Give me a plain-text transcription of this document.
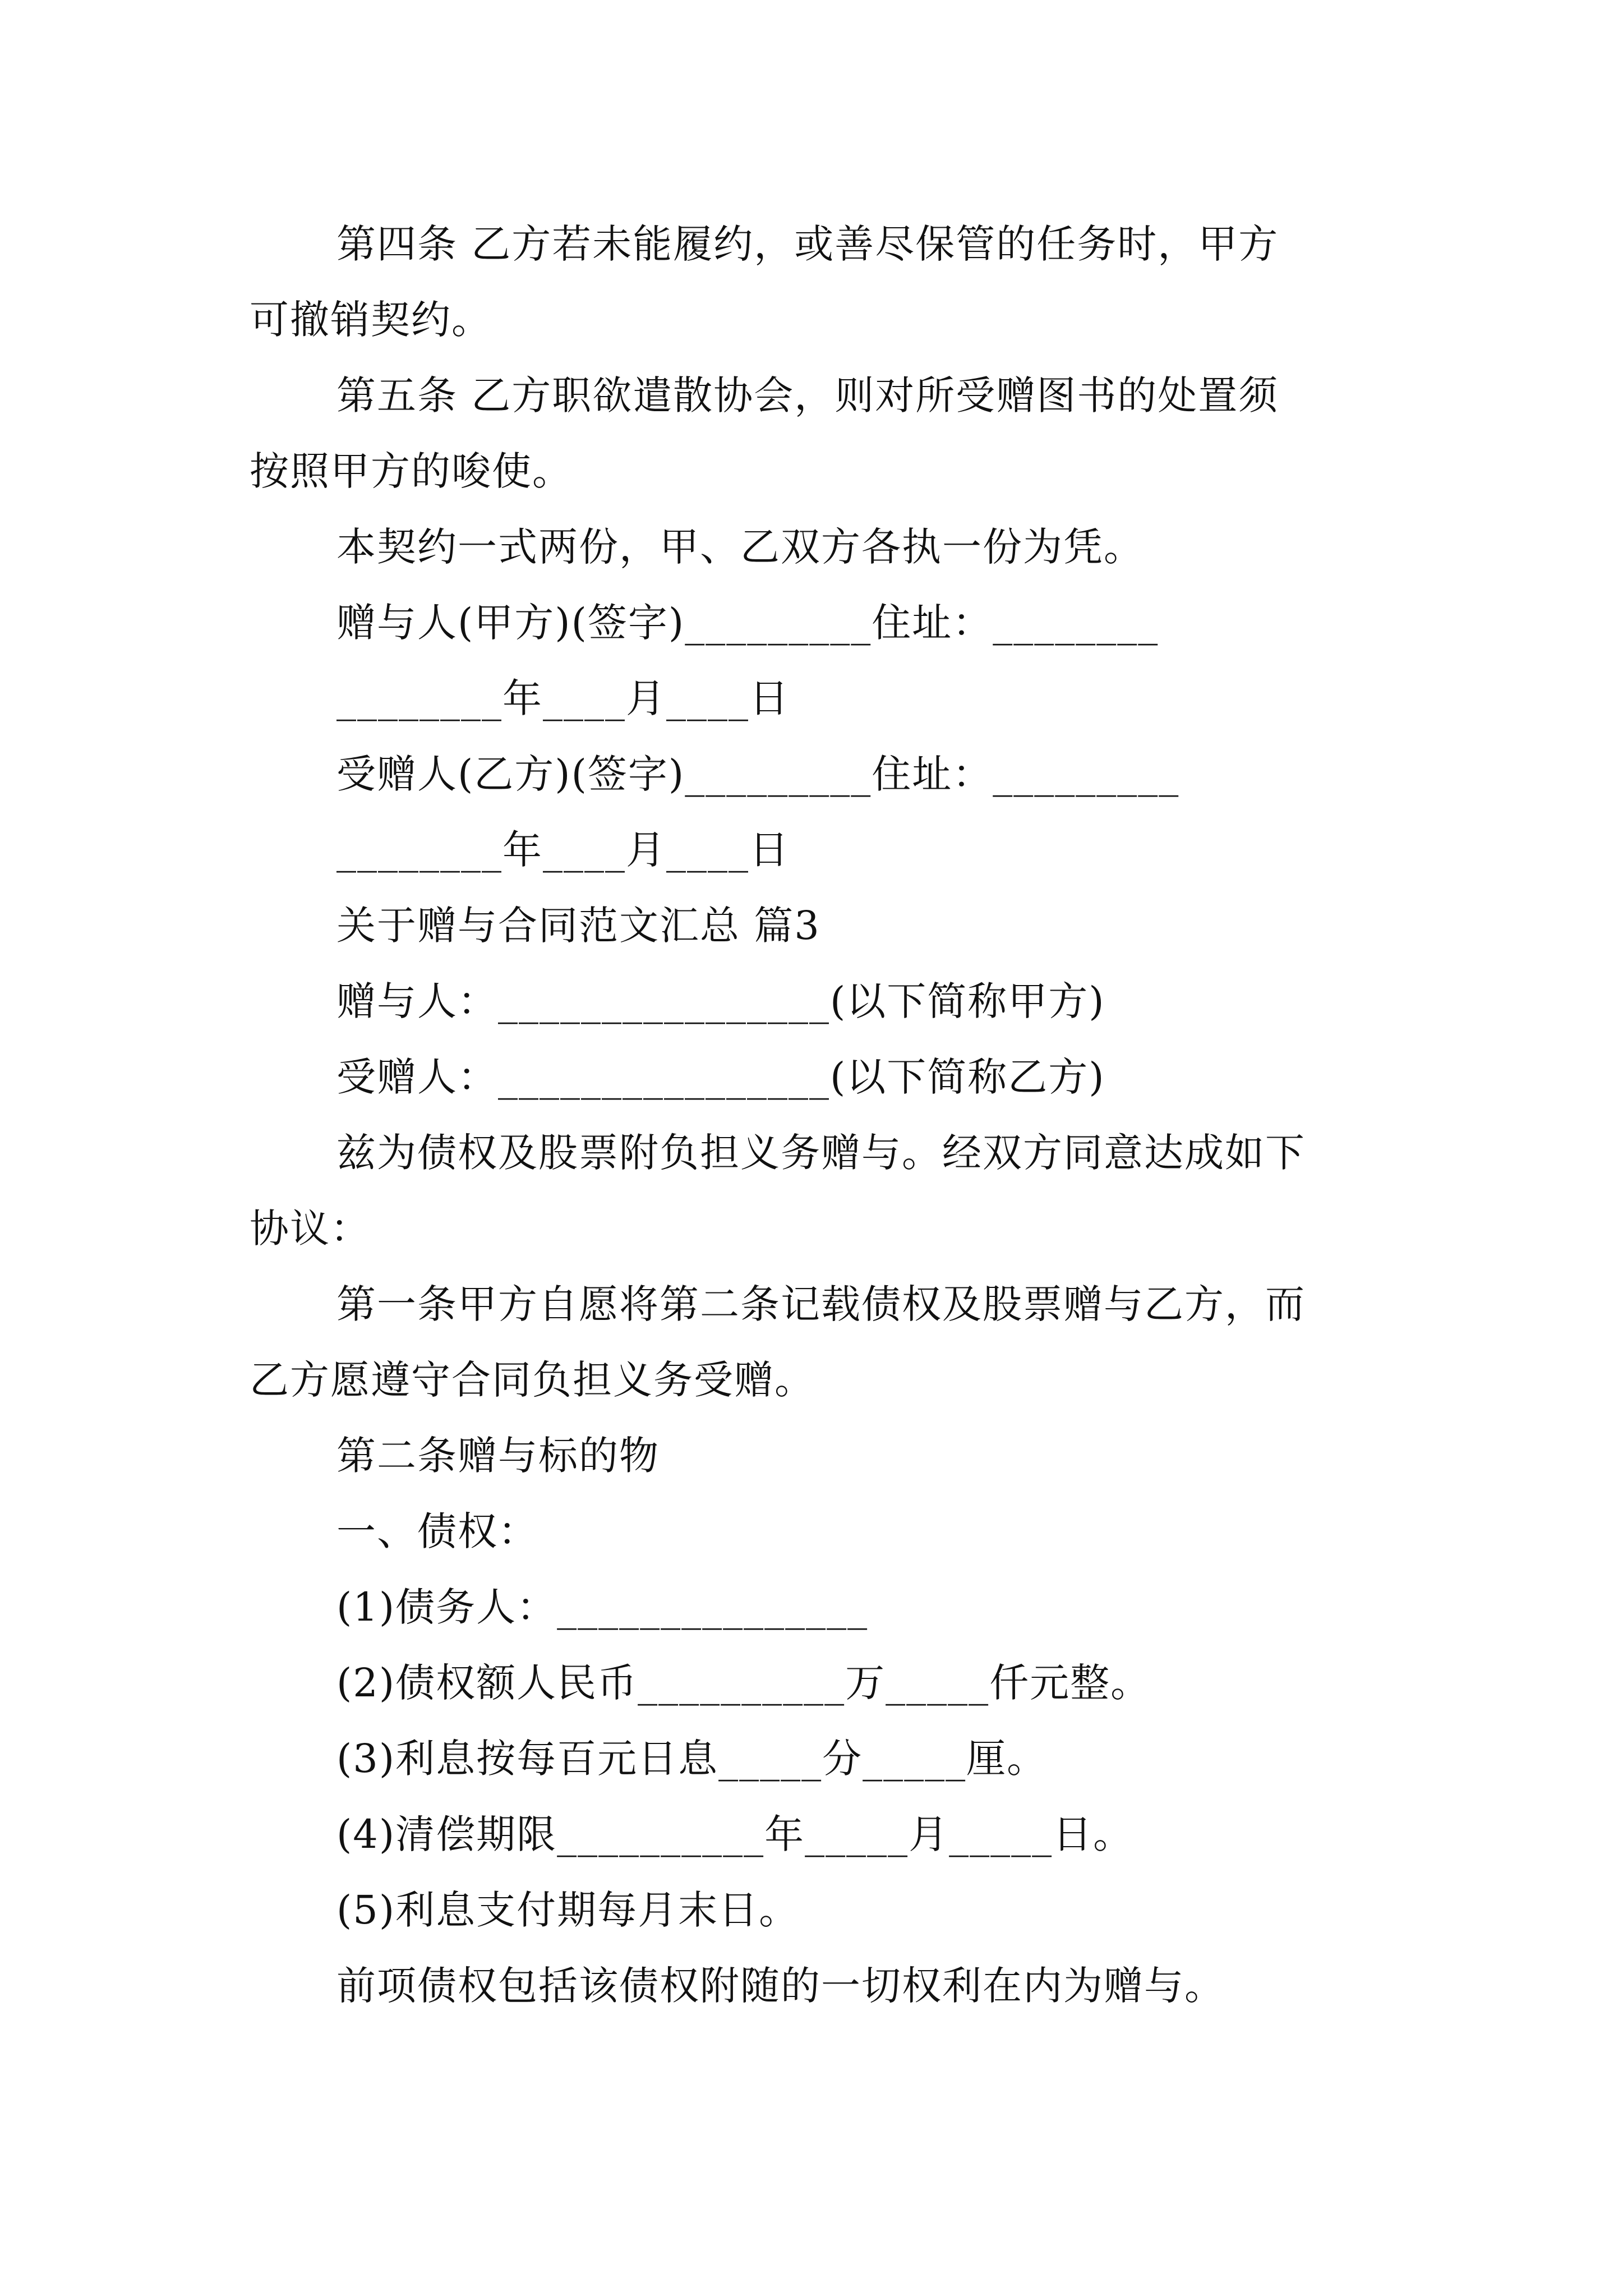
第四条 乙方若未能履约，或善尽保管的任务时，甲方
可撤销契约。
第五条 乙方职欲遣散协会，则对所受赠图书的处置须
按照甲方的唆使。
本契约一式两份，甲、乙双方各执一份为凭。
赠与人(甲方)(签字)_________住址：________
________年____月____日
受赠人(乙方)(签字)_________住址：_________
________年____月____日
关于赠与合同范文汇总 篇3
赠与人：________________(以下简称甲方)
受赠人：________________(以下简称乙方)
兹为债权及股票附负担义务赠与。经双方同意达成如下
协议：
第一条甲方自愿将第二条记载债权及股票赠与乙方，而
乙方愿遵守合同负担义务受赠。
第二条赠与标的物
一、债权：
(1)债务人：_______________
(2)债权额人民币__________万_____仟元整。
(3)利息按每百元日息_____分_____厘。
(4)清偿期限__________年_____月_____日。
(5)利息支付期每月末日。
前项债权包括该债权附随的一切权利在内为赠与。
